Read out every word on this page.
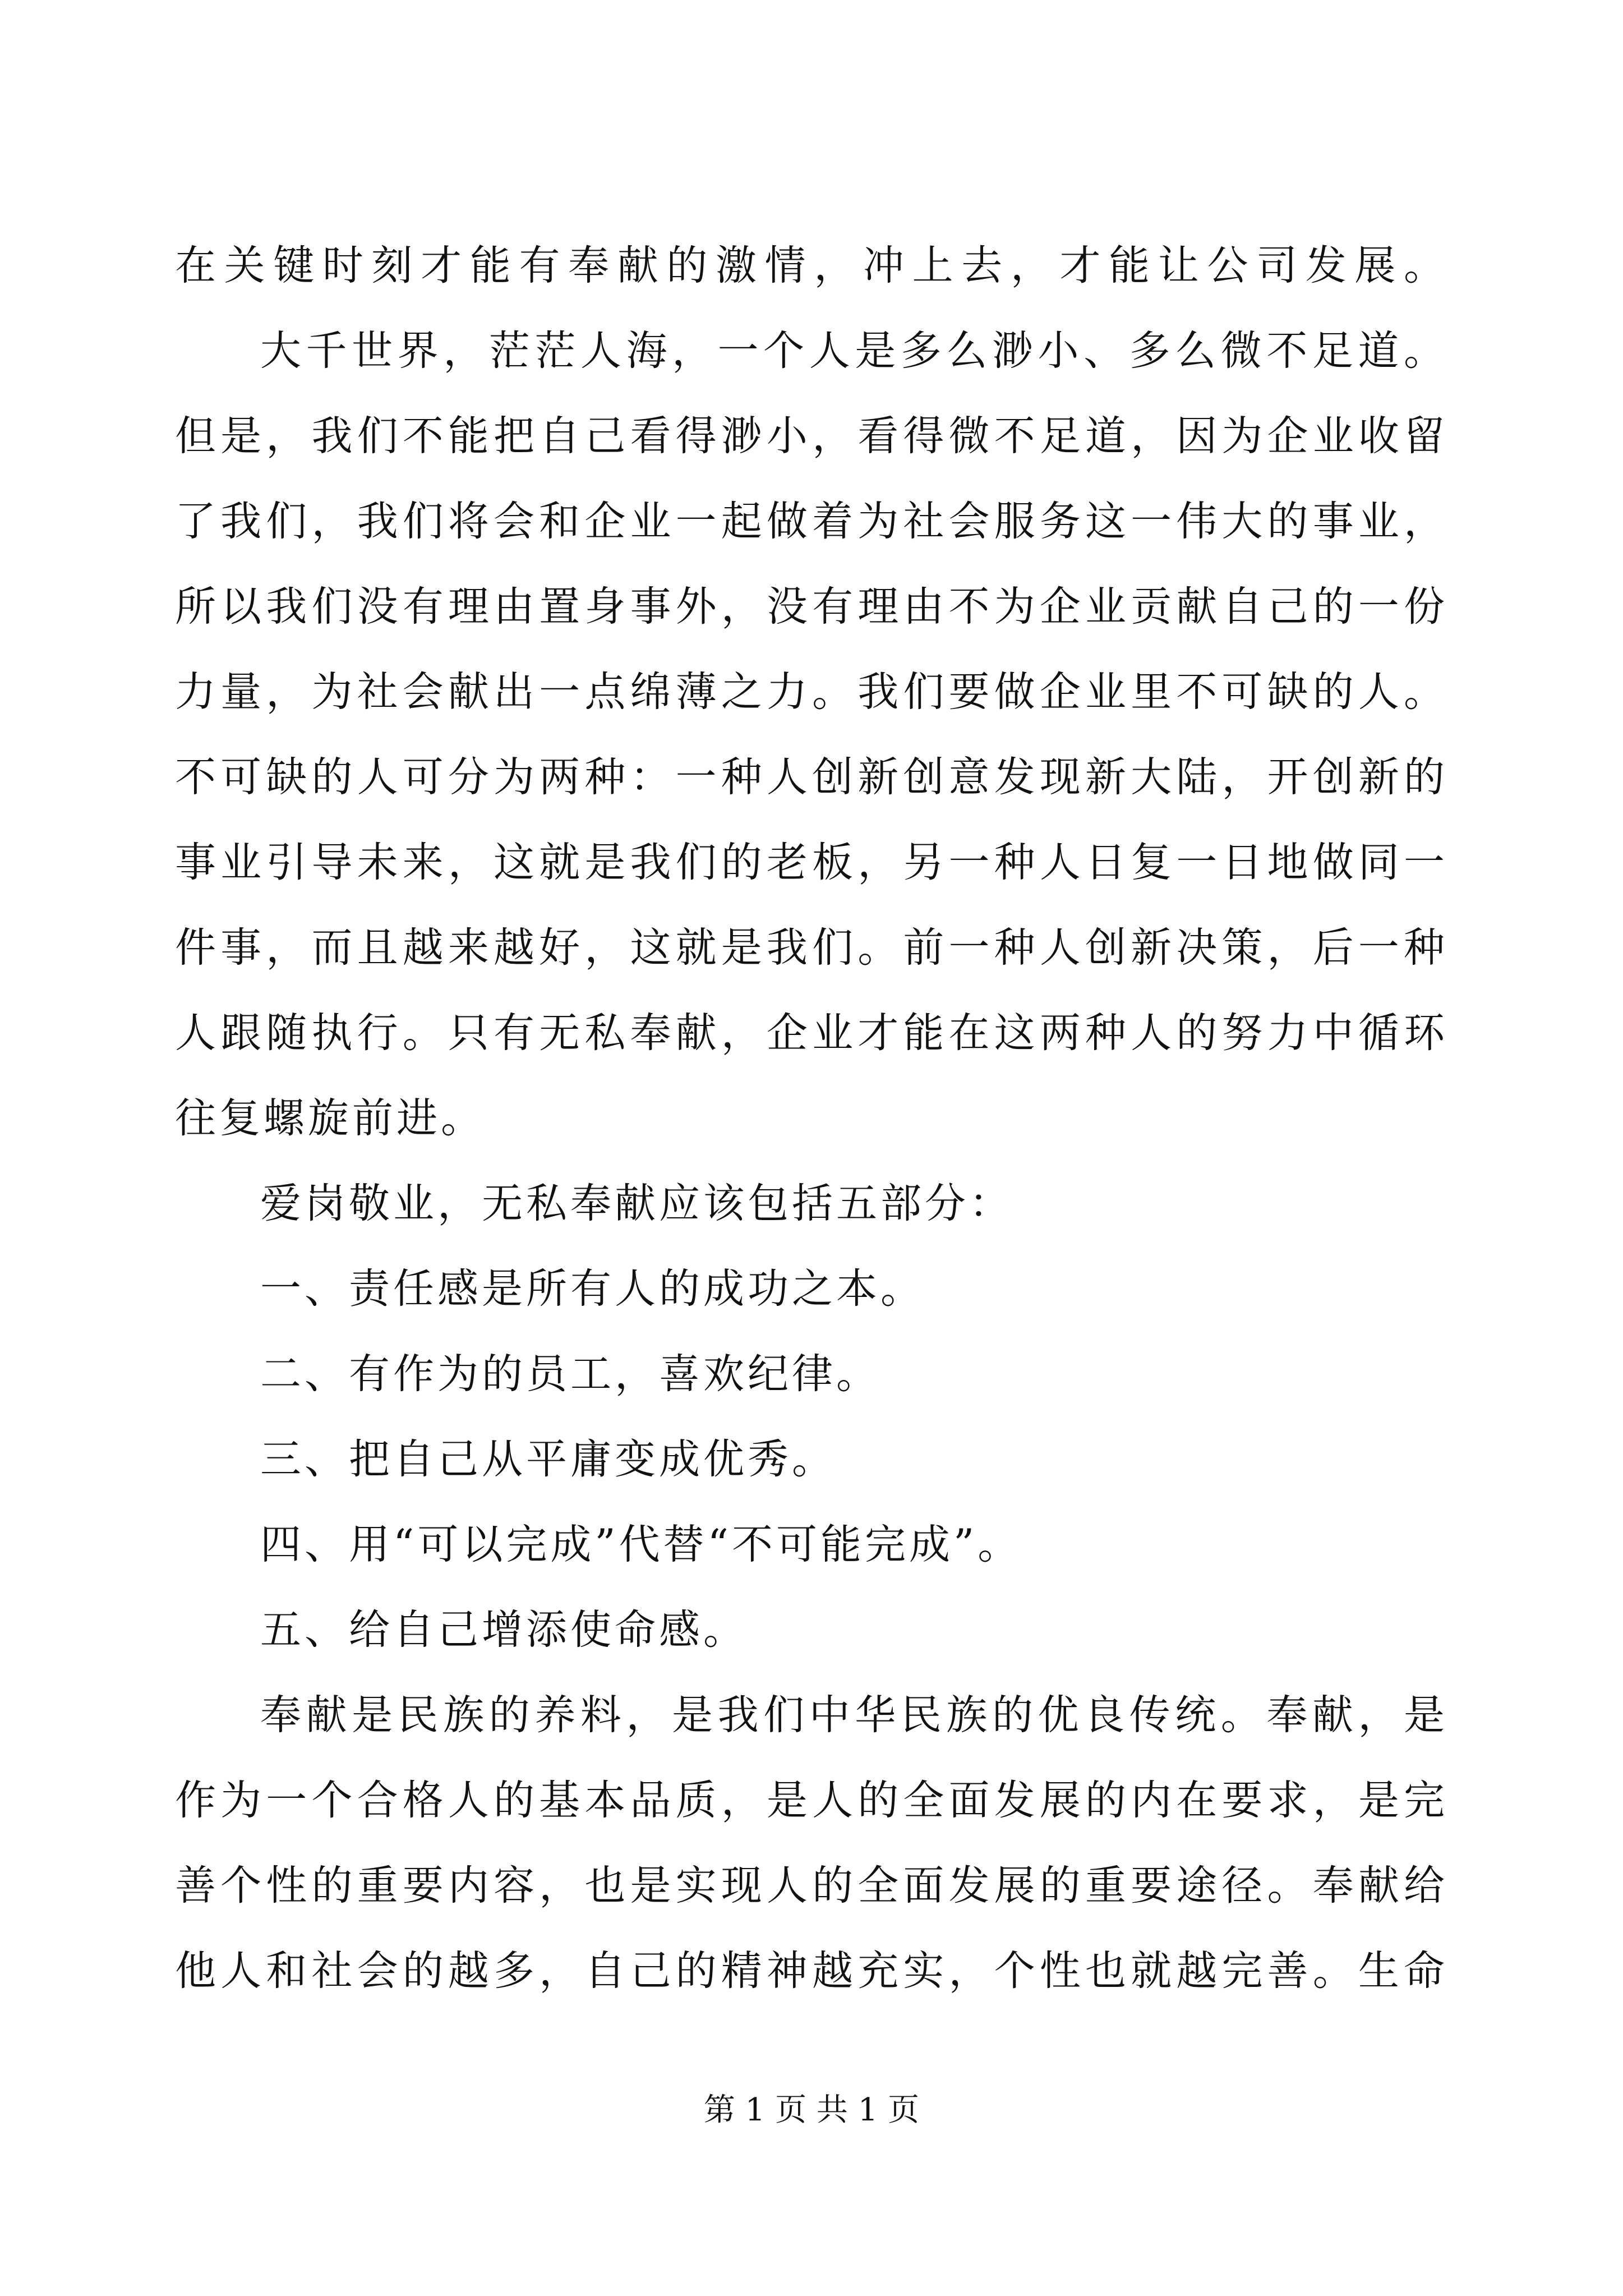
在关键时刻才能有奉献的激情，冲上去，才能让公司发展。
大千世界，茫茫人海，一个人是多么渺小、多么微不足道。
但是，我们不能把自己看得渺小，看得微不足道，因为企业收留
了我们，我们将会和企业一起做着为社会服务这一伟大的事业，
所以我们没有理由置身事外，没有理由不为企业贡献自己的一份
力量，为社会献出一点绵薄之力。我们要做企业里不可缺的人。
不可缺的人可分为两种：一种人创新创意发现新大陆，开创新的
事业引导未来，这就是我们的老板，另一种人日复一日地做同一
件事，而且越来越好，这就是我们。前一种人创新决策，后一种
人跟随执行。只有无私奉献，企业才能在这两种人的努力中循环
往复螺旋前进。
爱岗敬业，无私奉献应该包括五部分：
一、责任感是所有人的成功之本。
二、有作为的员工，喜欢纪律。
三、把自己从平庸变成优秀。
四、用“可以完成”代替“不可能完成”。
五、给自己增添使命感。
奉献是民族的养料，是我们中华民族的优良传统。奉献，是
作为一个合格人的基本品质，是人的全面发展的内在要求，是完
善个性的重要内容，也是实现人的全面发展的重要途径。奉献给
他人和社会的越多，自己的精神越充实，个性也就越完善。生命
第 1 页 共 1 页
